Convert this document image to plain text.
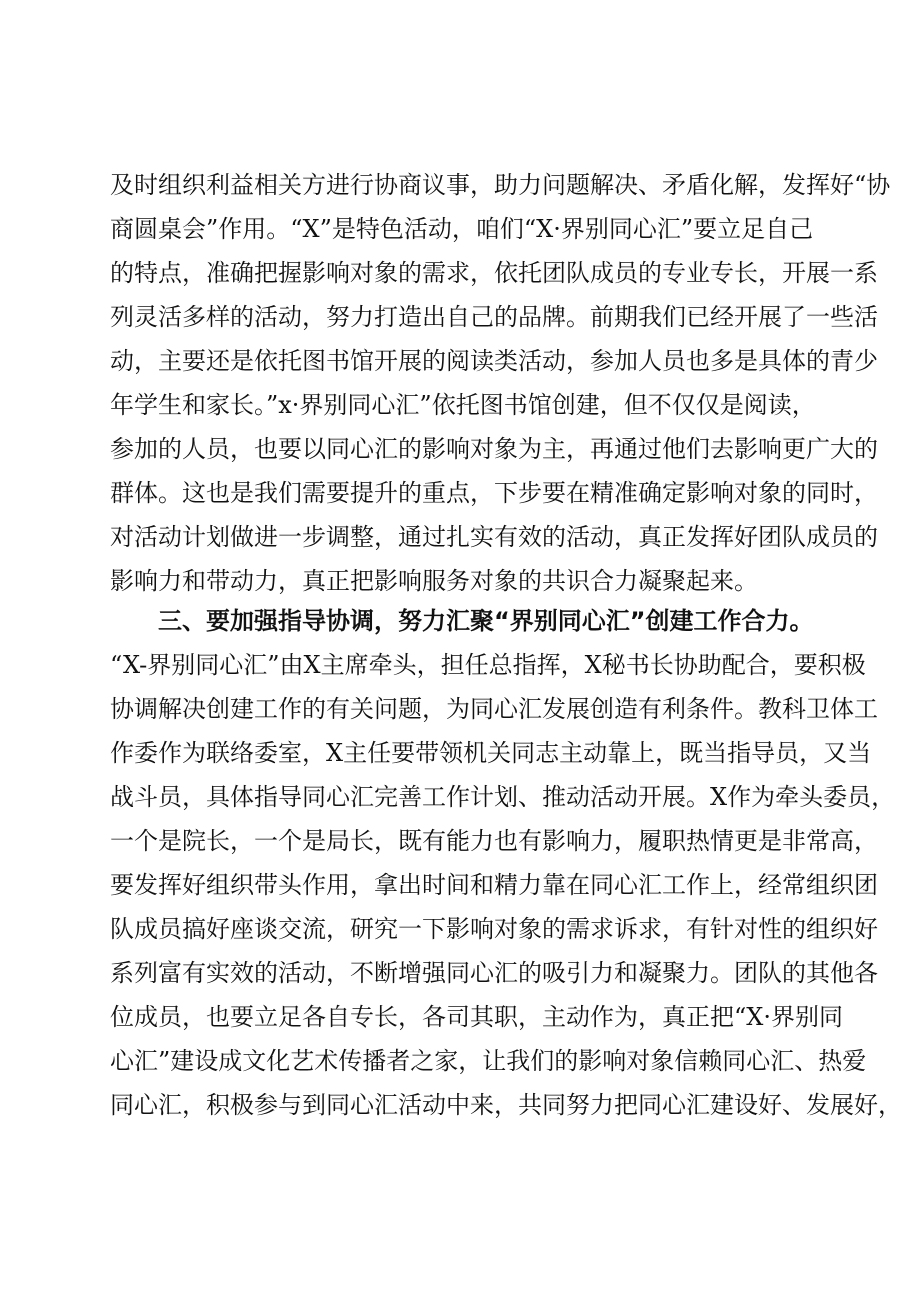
及时组织利益相关方进行协商议事，助力问题解决、矛盾化解，发挥好“协
商圆桌会”作用。“X”是特色活动，咱们“X·界别同心汇”要立足自己
的特点，准确把握影响对象的需求，依托团队成员的专业专长，开展一系
列灵活多样的活动，努力打造出自己的品牌。前期我们已经开展了一些活
动，主要还是依托图书馆开展的阅读类活动，参加人员也多是具体的青少
年学生和家长。”x·界别同心汇”依托图书馆创建，但不仅仅是阅读，
参加的人员，也要以同心汇的影响对象为主，再通过他们去影响更广大的
群体。这也是我们需要提升的重点，下步要在精准确定影响对象的同时，
对活动计划做进一步调整，通过扎实有效的活动，真正发挥好团队成员的
影响力和带动力，真正把影响服务对象的共识合力凝聚起来。
三、要加强指导协调，努力汇聚“界别同心汇”创建工作合力。
“X-界别同心汇”由X主席牵头，担任总指挥，X秘书长协助配合，要积极
协调解决创建工作的有关问题，为同心汇发展创造有利条件。教科卫体工
作委作为联络委室，X主任要带领机关同志主动靠上，既当指导员，又当
战斗员，具体指导同心汇完善工作计划、推动活动开展。X作为牵头委员，
一个是院长，一个是局长，既有能力也有影响力，履职热情更是非常高，
要发挥好组织带头作用，拿出时间和精力靠在同心汇工作上，经常组织团
队成员搞好座谈交流，研究一下影响对象的需求诉求，有针对性的组织好
系列富有实效的活动，不断增强同心汇的吸引力和凝聚力。团队的其他各
位成员，也要立足各自专长，各司其职，主动作为，真正把“X·界别同
心汇”建设成文化艺术传播者之家，让我们的影响对象信赖同心汇、热爱
同心汇，积极参与到同心汇活动中来，共同努力把同心汇建设好、发展好，
